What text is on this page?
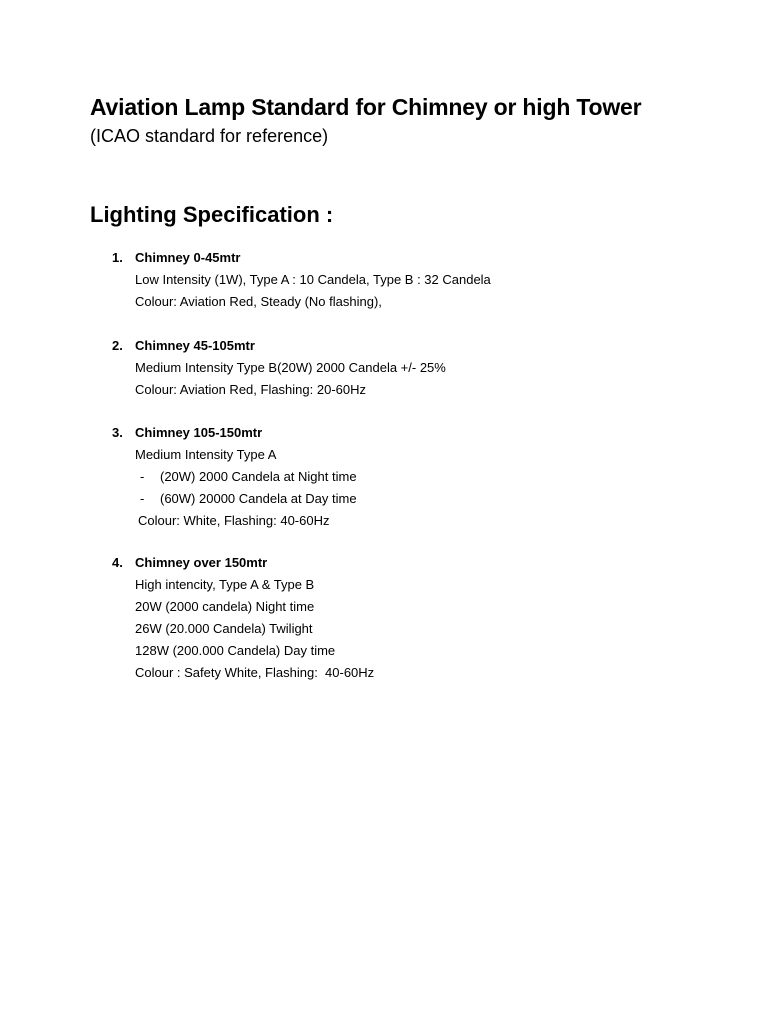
Aviation Lamp Standard for Chimney or high Tower
(ICAO standard for reference)
Lighting Specification :
1. Chimney 0-45mtr
Low Intensity (1W), Type A : 10 Candela, Type B : 32 Candela
Colour: Aviation Red, Steady (No flashing),
2. Chimney 45-105mtr
Medium Intensity Type B(20W) 2000 Candela +/- 25%
Colour: Aviation Red, Flashing: 20-60Hz
3. Chimney 105-150mtr
Medium Intensity Type A
- (20W) 2000 Candela at Night time
- (60W) 20000 Candela at Day time
Colour: White, Flashing: 40-60Hz
4. Chimney over 150mtr
High intencity, Type A & Type B
20W (2000 candela) Night time
26W (20.000 Candela) Twilight
128W (200.000 Candela) Day time
Colour : Safety White, Flashing:  40-60Hz
